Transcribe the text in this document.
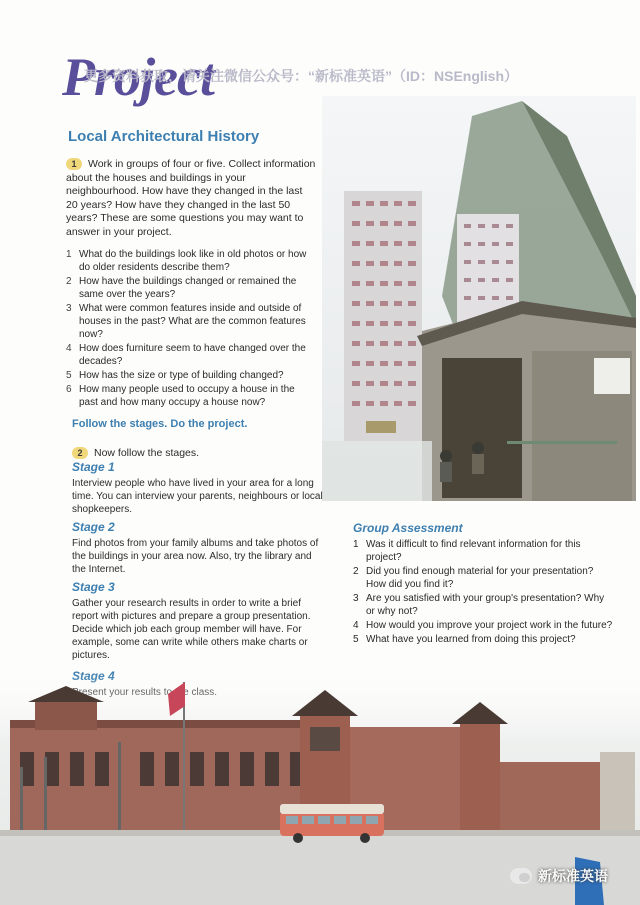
Project
更多资料获取，请关注微信公众号：“新标准英语”（ID：NSEnglish）
Local Architectural History
1 Work in groups of four or five. Collect information about the houses and buildings in your neighbourhood. How have they changed in the last 20 years? How have they changed in the last 50 years? These are some questions you may want to answer in your project.
1 What do the buildings look like in old photos or how do older residents describe them?
2 How have the buildings changed or remained the same over the years?
3 What were common features inside and outside of houses in the past? What are the common features now?
4 How does furniture seem to have changed over the decades?
5 How has the size or type of building changed?
6 How many people used to occupy a house in the past and how many occupy a house now?
Follow the stages. Do the project.
2 Now follow the stages.
Stage 1
Interview people who have lived in your area for a long time. You can interview your parents, neighbours or local shopkeepers.
Stage 2
Find photos from your family albums and take photos of the buildings in your area now. Also, try the library and the Internet.
Stage 3
Gather your research results in order to write a brief report with pictures and prepare a group presentation. Decide which job each group member will have. For example, some can write while others make charts or pictures.
Group Assessment
1 Was it difficult to find relevant information for this project?
2 Did you find enough material for your presentation? How did you find it?
3 Are you satisfied with your group's presentation? Why or why not?
4 How would you improve your project work in the future?
5 What have you learned from doing this project?
新标准英语
